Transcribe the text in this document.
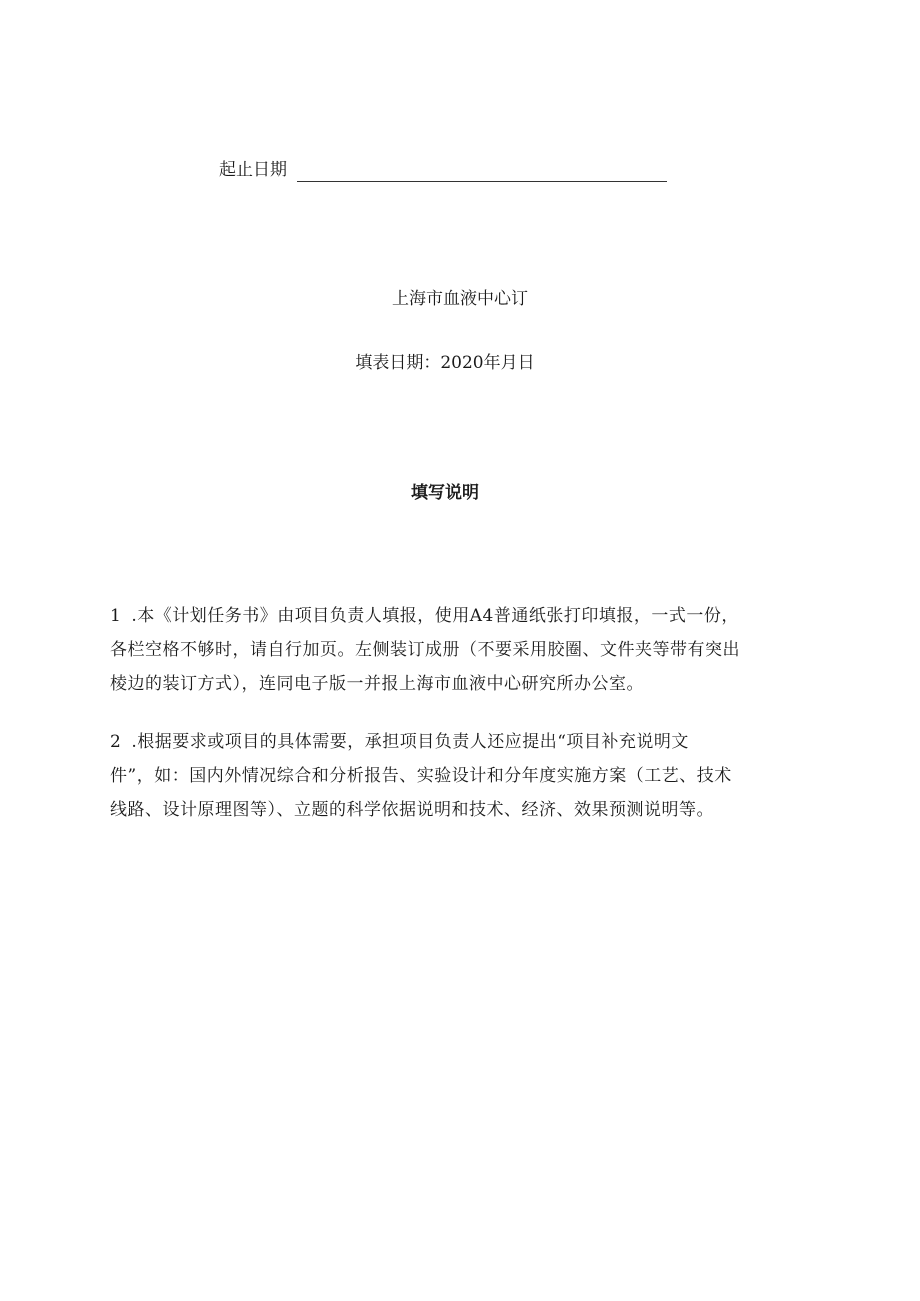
起止日期
上海市血液中心订
填表日期：2020年月日
填写说明
1 .本《计划任务书》由项目负责人填报，使用A4普通纸张打印填报，一式一份，
各栏空格不够时，请自行加页。左侧装订成册（不要采用胶圈、文件夹等带有突出
棱边的装订方式），连同电子版一并报上海市血液中心研究所办公室。
2 .根据要求或项目的具体需要，承担项目负责人还应提出“项目补充说明文
件”，如：国内外情况综合和分析报告、实验设计和分年度实施方案（工艺、技术
线路、设计原理图等）、立题的科学依据说明和技术、经济、效果预测说明等。
